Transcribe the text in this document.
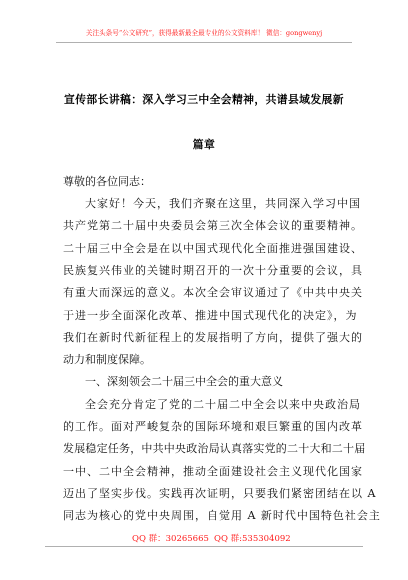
关注头条号“公文研究”，获得最新最全最专业的公文资料库！ 微信：gongwenyj
宣传部长讲稿：深入学习三中全会精神，共谱县域发展新
篇章
尊敬的各位同志：
大家好！今天，我们齐聚在这里，共同深入学习中国
共产党第二十届中央委员会第三次全体会议的重要精神。
二十届三中全会是在以中国式现代化全面推进强国建设、
民族复兴伟业的关键时期召开的一次十分重要的会议，具
有重大而深远的意义。本次全会审议通过了《中共中央关
于进一步全面深化改革、推进中国式现代化的决定》，为
我们在新时代新征程上的发展指明了方向，提供了强大的
动力和制度保障。
一、深刻领会二十届三中全会的重大意义
全会充分肯定了党的二十届二中全会以来中央政治局
的工作。面对严峻复杂的国际环境和艰巨繁重的国内改革
发展稳定任务，中共中央政治局认真落实党的二十大和二十届
一中、二中全会精神，推动全面建设社会主义现代化国家
迈出了坚实步伐。实践再次证明，只要我们紧密团结在以 A
同志为核心的党中央周围，自觉用 A 新时代中国特色社会主
QQ 群：30265665 QQ 群:535304092
